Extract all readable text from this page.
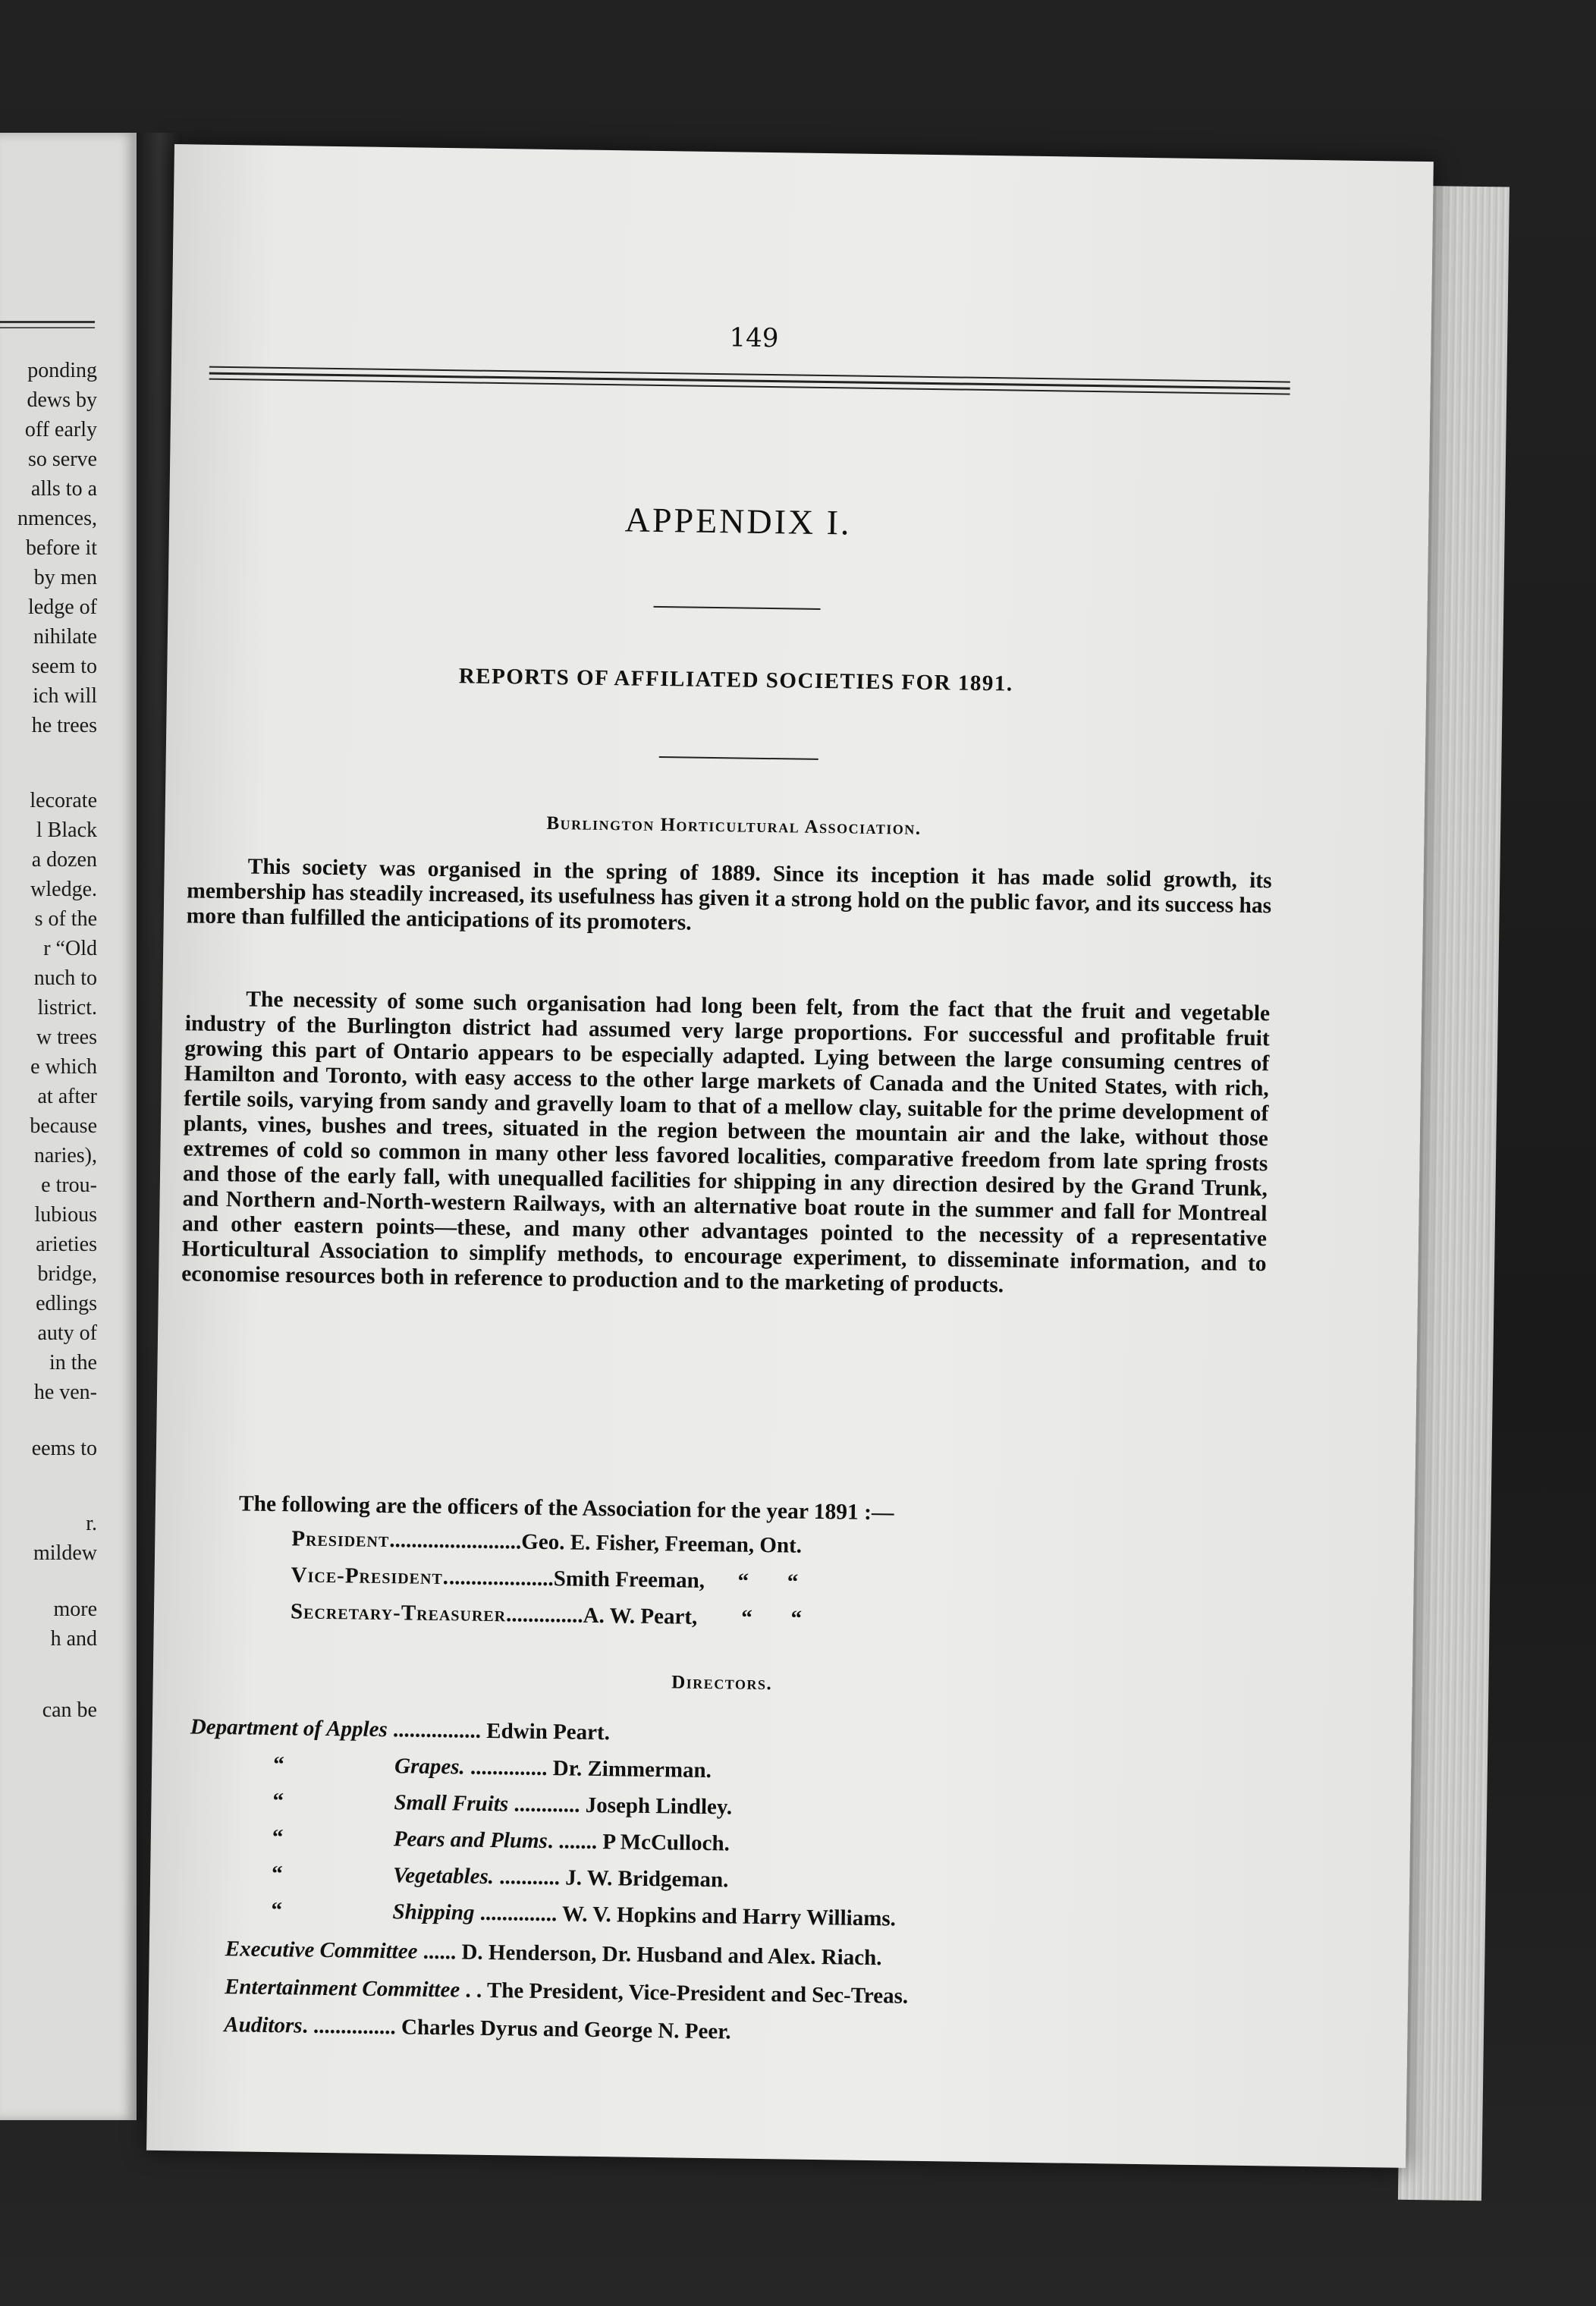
ponding
dews by
off early
so serve
alls to a
nmences,
before it
by men
ledge of
nihilate
seem to
ich will
he trees
lecorate
l Black
a dozen
wledge.
s of the
r “Old
nuch to
listrict.
w trees
e which
at after
because
naries),
e trou-
lubious
arieties
bridge,
edlings
auty of
in the
he ven-
eems to
r.
mildew
more
h and
can be
149
APPENDIX I.
REPORTS OF AFFILIATED SOCIETIES FOR 1891.
Burlington Horticultural Association.
This society was organised in the spring of 1889. Since its inception it has made solid growth, its membership has steadily increased, its usefulness has given it a strong hold on the public favor, and its success has more than fulfilled the anticipations of its promoters.
The necessity of some such organisation had long been felt, from the fact that the fruit and vegetable industry of the Burlington district had assumed very large proportions. For successful and profitable fruit growing this part of Ontario appears to be especially adapted. Lying between the large consuming centres of Hamilton and Toronto, with easy access to the other large markets of Canada and the United States, with rich, fertile soils, varying from sandy and gravelly loam to that of a mellow clay, suitable for the prime development of plants, vines, bushes and trees, situated in the region between the mountain air and the lake, without those extremes of cold so common in many other less favored localities, comparative freedom from late spring frosts and those of the early fall, with unequalled facilities for shipping in any direction desired by the Grand Trunk, and Northern and-North-western Railways, with an alternative boat route in the summer and fall for Montreal and other eastern points—these, and many other advantages pointed to the necessity of a representative Horticultural Association to simplify methods, to encourage experiment, to disseminate information, and to economise resources both in reference to production and to the marketing of products.
The following are the officers of the Association for the year 1891 :—
President........................Geo. E. Fisher, Freeman, Ont.
Vice-President....................Smith Freeman,      “       “
Secretary-Treasurer..............A. W. Peart,        “       “
Directors.
Department of Apples ................ Edwin Peart.
“	Grapes. .............. Dr. Zimmerman.
“	Small Fruits ............ Joseph Lindley.
“	Pears and Plums. ....... P McCulloch.
“	Vegetables. ........... J. W. Bridgeman.
“	Shipping .............. W. V. Hopkins and Harry Williams.
Executive Committee ...... D. Henderson, Dr. Husband and Alex. Riach.
Entertainment Committee . . The President, Vice-President and Sec-Treas.
Auditors. ............... Charles Dyrus and George N. Peer.
